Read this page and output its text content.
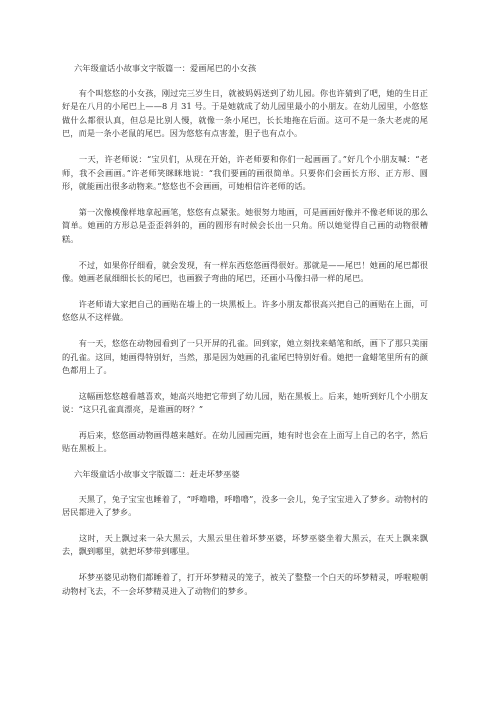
六年级童话小故事文字版篇一：爱画尾巴的小女孩

　　有个叫悠悠的小女孩，刚过完三岁生日，就被妈妈送到了幼儿园。你也许猜到了吧，她的生日正好是在八月的小尾巴上——8 月 31 号。于是她就成了幼儿园里最小的小朋友。在幼儿园里，小悠悠做什么都很认真，但总是比别人慢，就像一条小尾巴，长长地拖在后面。这可不是一条大老虎的尾巴，而是一条小老鼠的尾巴。因为悠悠有点害羞，胆子也有点小。

　　一天，许老师说：“宝贝们，从现在开始，许老师要和你们一起画画了。”好几个小朋友喊：“老师，我不会画画。”许老师笑眯眯地说：“我们要画的画很简单。只要你们会画长方形、正方形、圆形，就能画出很多动物来。”悠悠也不会画画，可她相信许老师的话。

　　第一次像模像样地拿起画笔，悠悠有点紧张。她很努力地画，可是画画好像并不像老师说的那么简单。她画的方形总是歪歪斜斜的，画的圆形有时候会长出一只角。所以她觉得自己画的动物很糟糕。

　　不过，如果你仔细看，就会发现，有一样东西悠悠画得很好。那就是——尾巴！她画的尾巴都很像。她画老鼠细细长长的尾巴，也画猴子弯曲的尾巴，还画小马像扫帚一样的尾巴。

　　许老师请大家把自己的画贴在墙上的一块黑板上。许多小朋友都很高兴把自己的画贴在上面，可悠悠从不这样做。

　　有一天，悠悠在动物园看到了一只开屏的孔雀。回到家，她立刻找来蜡笔和纸，画下了那只美丽的孔雀。这回，她画得特别好，当然，那是因为她画的孔雀尾巴特别好看。她把一盒蜡笔里所有的颜色都用上了。

　　这幅画悠悠越看越喜欢，她高兴地把它带到了幼儿园，贴在黑板上。后来，她听到好几个小朋友说：“这只孔雀真漂亮，是谁画的呀？”

　　再后来，悠悠画动物画得越来越好。在幼儿园画完画，她有时也会在上面写上自己的名字，然后贴在黑板上。

六年级童话小故事文字版篇二：赶走坏梦巫婆

　　天黑了，兔子宝宝也睡着了，“呼噜噜，呼噜噜”，没多一会儿，兔子宝宝进入了梦乡。动物村的居民都进入了梦乡。

　　这时，天上飘过来一朵大黑云，大黑云里住着坏梦巫婆，坏梦巫婆坐着大黑云，在天上飘来飘去，飘到哪里，就把坏梦带到哪里。

　　坏梦巫婆见动物们都睡着了，打开坏梦精灵的笼子，被关了整整一个白天的坏梦精灵，呼啦啦朝动物村飞去，不一会坏梦精灵进入了动物们的梦乡。
